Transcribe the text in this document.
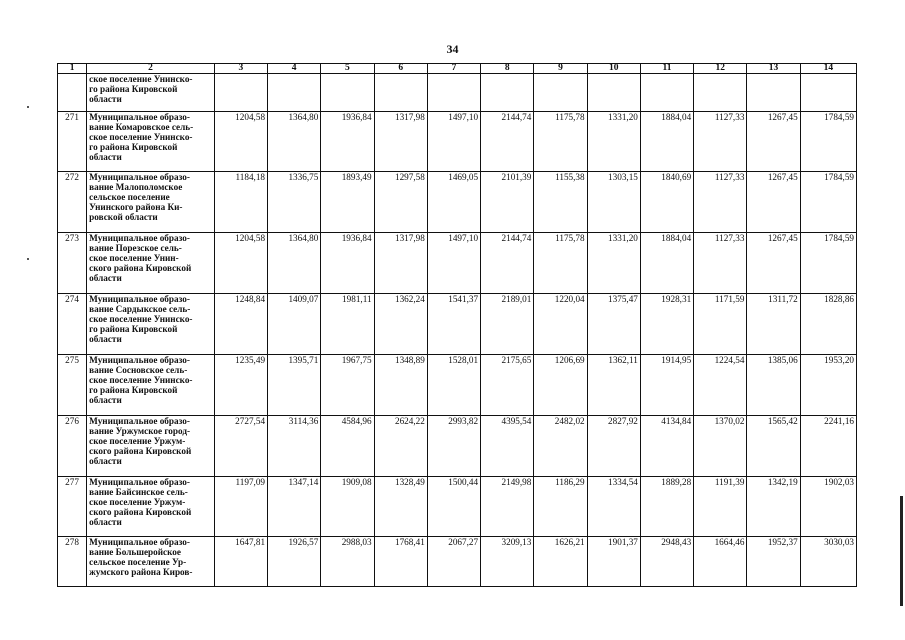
34
1	2	3	4	5	6	7	8	9	10	11	12	13	14
	ское поселение Унинско-
го района Кировской
области												
271	Муниципальное образо-
вание Комаровское сель-
ское поселение Унинско-
го района Кировской
области	1204,58	1364,80	1936,84	1317,98	1497,10	2144,74	1175,78	1331,20	1884,04	1127,33	1267,45	1784,59
272	Муниципальное образо-
вание Малополомское
сельское поселение
Унинского района Ки-
ровской области	1184,18	1336,75	1893,49	1297,58	1469,05	2101,39	1155,38	1303,15	1840,69	1127,33	1267,45	1784,59
273	Муниципальное образо-
вание Порезское сель-
ское поселение Унин-
ского района Кировской
области	1204,58	1364,80	1936,84	1317,98	1497,10	2144,74	1175,78	1331,20	1884,04	1127,33	1267,45	1784,59
274	Муниципальное образо-
вание Сардыкское сель-
ское поселение Унинско-
го района Кировской
области	1248,84	1409,07	1981,11	1362,24	1541,37	2189,01	1220,04	1375,47	1928,31	1171,59	1311,72	1828,86
275	Муниципальное образо-
вание Сосновское сель-
ское поселение Унинско-
го района Кировской
области	1235,49	1395,71	1967,75	1348,89	1528,01	2175,65	1206,69	1362,11	1914,95	1224,54	1385,06	1953,20
276	Муниципальное образо-
вание Уржумское город-
ское поселение Уржум-
ского района Кировской
области	2727,54	3114,36	4584,96	2624,22	2993,82	4395,54	2482,02	2827,92	4134,84	1370,02	1565,42	2241,16
277	Муниципальное образо-
вание Байсинское сель-
ское поселение Уржум-
ского района Кировской
области	1197,09	1347,14	1909,08	1328,49	1500,44	2149,98	1186,29	1334,54	1889,28	1191,39	1342,19	1902,03
278	Муниципальное образо-
вание Большеройское
сельское поселение Ур-
жумского района Киров-	1647,81	1926,57	2988,03	1768,41	2067,27	3209,13	1626,21	1901,37	2948,43	1664,46	1952,37	3030,03
